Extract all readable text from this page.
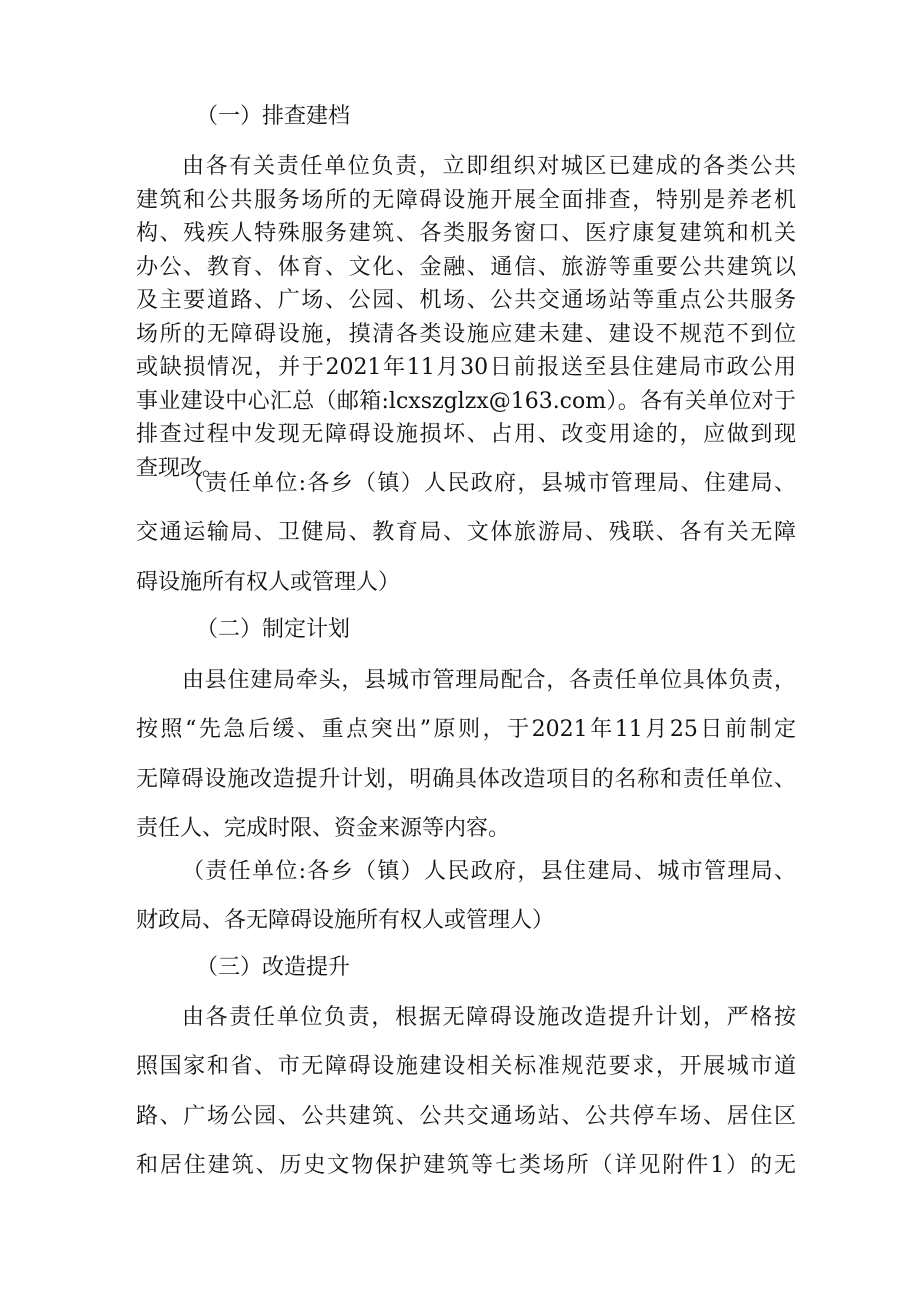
（一）排查建档
由各有关责任单位负责，立即组织对城区已建成的各类公共
建筑和公共服务场所的无障碍设施开展全面排查，特别是养老机
构、残疾人特殊服务建筑、各类服务窗口、医疗康复建筑和机关
办公、教育、体育、文化、金融、通信、旅游等重要公共建筑以
及主要道路、广场、公园、机场、公共交通场站等重点公共服务
场所的无障碍设施，摸清各类设施应建未建、建设不规范不到位
或缺损情况，并于2021年11月30日前报送至县住建局市政公用
事业建设中心汇总（邮箱:lcxszglzx@163.com）。各有关单位对于
排查过程中发现无障碍设施损坏、占用、改变用途的，应做到现
查现改。
（责任单位:各乡（镇）人民政府，县城市管理局、住建局、
交通运输局、卫健局、教育局、文体旅游局、残联、各有关无障
碍设施所有权人或管理人）
（二）制定计划
由县住建局牵头，县城市管理局配合，各责任单位具体负责，
按照“先急后缓、重点突出”原则，于2021年11月25日前制定
无障碍设施改造提升计划，明确具体改造项目的名称和责任单位、
责任人、完成时限、资金来源等内容。
（责任单位:各乡（镇）人民政府，县住建局、城市管理局、
财政局、各无障碍设施所有权人或管理人）
（三）改造提升
由各责任单位负责，根据无障碍设施改造提升计划，严格按
照国家和省、市无障碍设施建设相关标准规范要求，开展城市道
路、广场公园、公共建筑、公共交通场站、公共停车场、居住区
和居住建筑、历史文物保护建筑等七类场所（详见附件1）的无
